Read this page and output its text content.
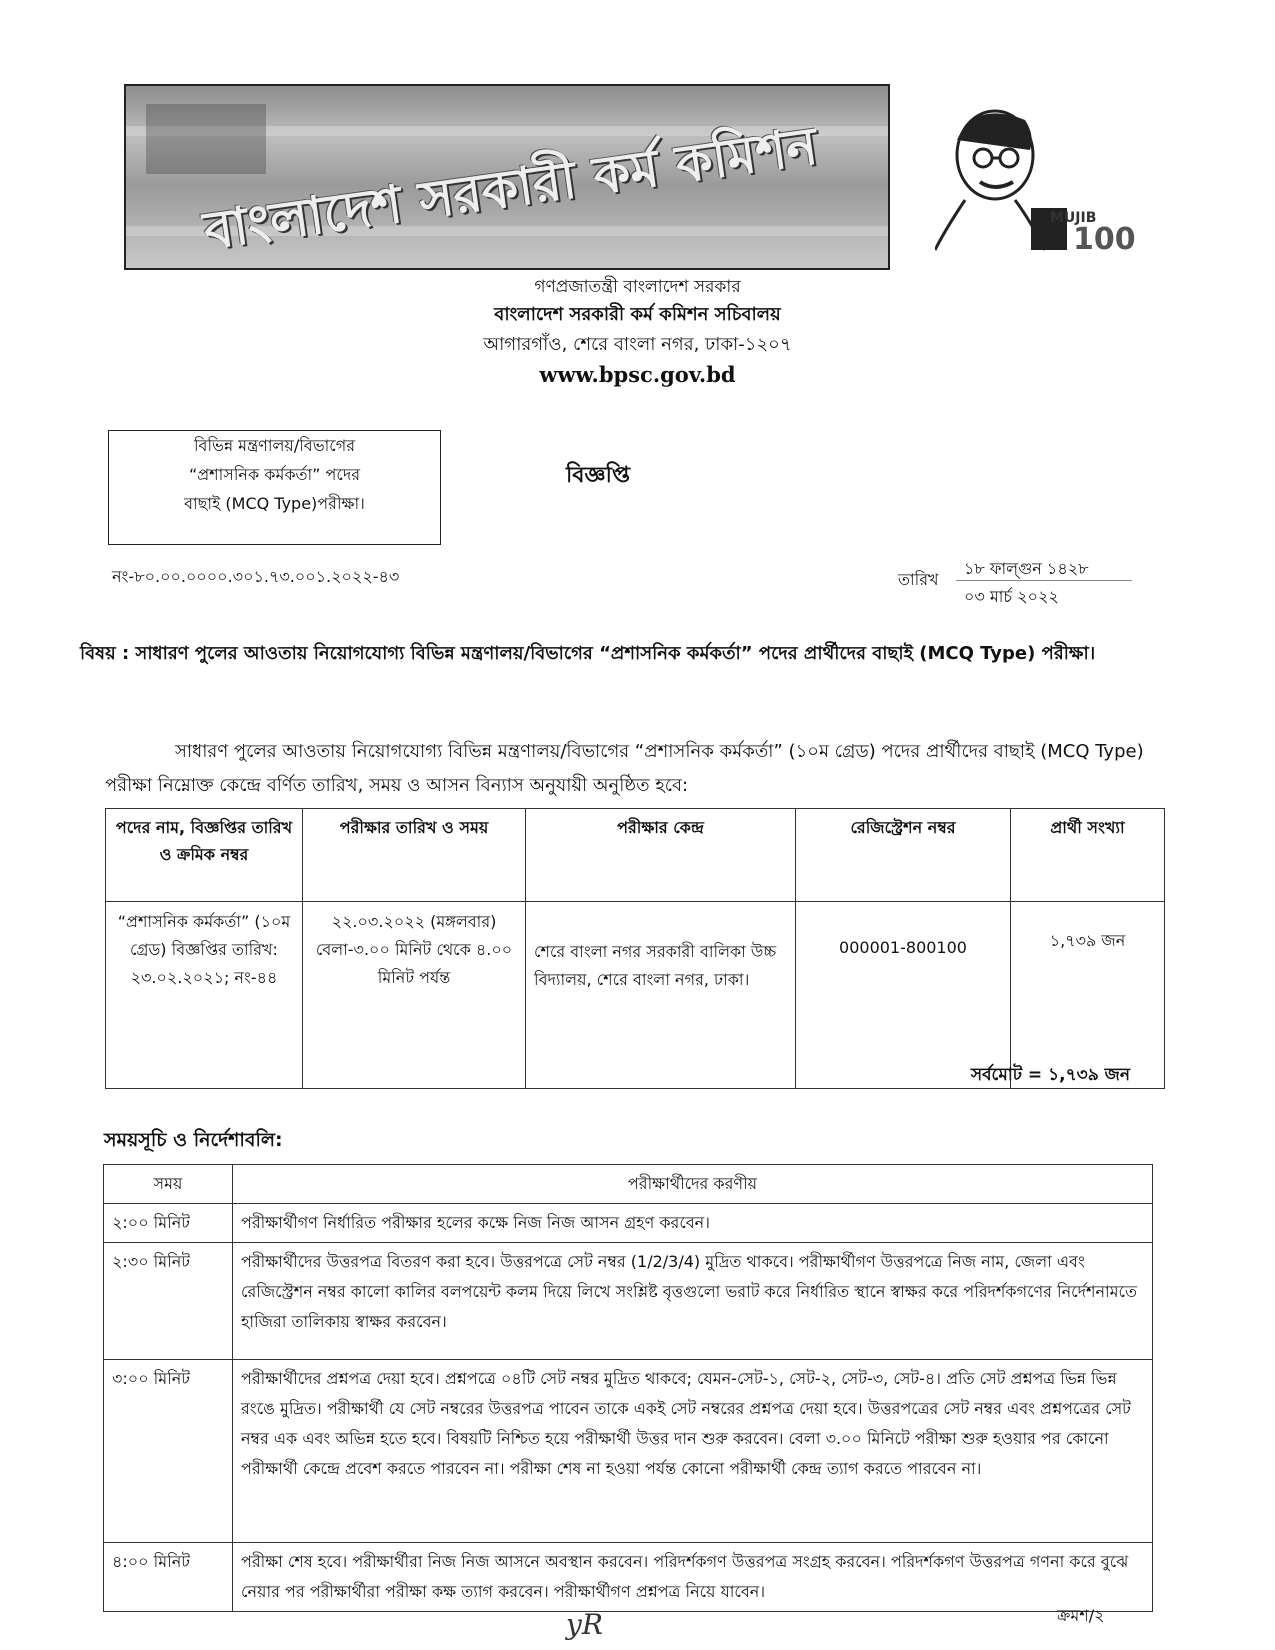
বাংলাদেশ সরকারী কর্ম কমিশন	MUJIB
100
গণপ্রজাতন্ত্রী বাংলাদেশ সরকার
বাংলাদেশ সরকারী কর্ম কমিশন সচিবালয়
আগারগাঁও, শেরে বাংলা নগর, ঢাকা-১২০৭
www.bpsc.gov.bd
বিভিন্ন মন্ত্রণালয়/বিভাগের
“প্রশাসনিক কর্মকর্তা” পদের
বাছাই (MCQ Type)পরীক্ষা।
বিজ্ঞপ্তি
নং-৮০.০০.০০০০.৩০১.৭৩.০০১.২০২২-৪৩	তারিখ
১৮ ফাল্গুন ১৪২৮
০৩ মার্চ ২০২২
বিষয় : সাধারণ পুলের আওতায় নিয়োগযোগ্য বিভিন্ন মন্ত্রণালয়/বিভাগের “প্রশাসনিক কর্মকর্তা” পদের প্রার্থীদের বাছাই (MCQ Type) পরীক্ষা।
সাধারণ পুলের আওতায় নিয়োগযোগ্য বিভিন্ন মন্ত্রণালয়/বিভাগের “প্রশাসনিক কর্মকর্তা” (১০ম গ্রেড) পদের প্রার্থীদের বাছাই (MCQ Type) পরীক্ষা নিম্নোক্ত কেন্দ্রে বর্ণিত তারিখ, সময় ও আসন বিন্যাস অনুযায়ী অনুষ্ঠিত হবে:
পদের নাম, বিজ্ঞপ্তির তারিখ ও ক্রমিক নম্বর	পরীক্ষার তারিখ ও সময়	পরীক্ষার কেন্দ্র	রেজিস্ট্রেশন নম্বর	প্রার্থী সংখ্যা
“প্রশাসনিক কর্মকর্তা” (১০ম গ্রেড) বিজ্ঞপ্তির তারিখ: ২৩.০২.২০২১; নং-৪৪	২২.০৩.২০২২ (মঙ্গলবার) বেলা-৩.০০ মিনিট থেকে ৪.০০ মিনিট পর্যন্ত	শেরে বাংলা নগর সরকারী বালিকা উচ্চ বিদ্যালয়, শেরে বাংলা নগর, ঢাকা।	000001-800100	১,৭৩৯ জন
সর্বমোট = ১,৭৩৯ জন
সময়সূচি ও নির্দেশাবলি:
সময়	পরীক্ষার্থীদের করণীয়
২:০০ মিনিট	পরীক্ষার্থীগণ নির্ধারিত পরীক্ষার হলের কক্ষে নিজ নিজ আসন গ্রহণ করবেন।
২:৩০ মিনিট	পরীক্ষার্থীদের উত্তরপত্র বিতরণ করা হবে। উত্তরপত্রে সেট নম্বর (1/2/3/4) মুদ্রিত থাকবে। পরীক্ষার্থীগণ উত্তরপত্রে নিজ নাম, জেলা এবং রেজিস্ট্রেশন নম্বর কালো কালির বলপয়েন্ট কলম দিয়ে লিখে সংশ্লিষ্ট বৃত্তগুলো ভরাট করে নির্ধারিত স্থানে স্বাক্ষর করে পরিদর্শকগণের নির্দেশনামতে হাজিরা তালিকায় স্বাক্ষর করবেন।
৩:০০ মিনিট	পরীক্ষার্থীদের প্রশ্নপত্র দেয়া হবে। প্রশ্নপত্রে ০৪টি সেট নম্বর মুদ্রিত থাকবে; যেমন-সেট-১, সেট-২, সেট-৩, সেট-৪। প্রতি সেট প্রশ্নপত্র ভিন্ন ভিন্ন রংঙে মুদ্রিত। পরীক্ষার্থী যে সেট নম্বরের উত্তরপত্র পাবেন তাকে একই সেট নম্বরের প্রশ্নপত্র দেয়া হবে। উত্তরপত্রের সেট নম্বর এবং প্রশ্নপত্রের সেট নম্বর এক এবং অভিন্ন হতে হবে। বিষয়টি নিশ্চিত হয়ে পরীক্ষার্থী উত্তর দান শুরু করবেন। বেলা ৩.০০ মিনিটে পরীক্ষা শুরু হওয়ার পর কোনো পরীক্ষার্থী কেন্দ্রে প্রবেশ করতে পারবেন না। পরীক্ষা শেষ না হওয়া পর্যন্ত কোনো পরীক্ষার্থী কেন্দ্র ত্যাগ করতে পারবেন না।
৪:০০ মিনিট	পরীক্ষা শেষ হবে। পরীক্ষার্থীরা নিজ নিজ আসনে অবস্থান করবেন। পরিদর্শকগণ উত্তরপত্র সংগ্রহ করবেন। পরিদর্শকগণ উত্তরপত্র গণনা করে বুঝে নেয়ার পর পরীক্ষার্থীরা পরীক্ষা কক্ষ ত্যাগ করবেন। পরীক্ষার্থীগণ প্রশ্নপত্র নিয়ে যাবেন।
yR	ক্রমশ/২
